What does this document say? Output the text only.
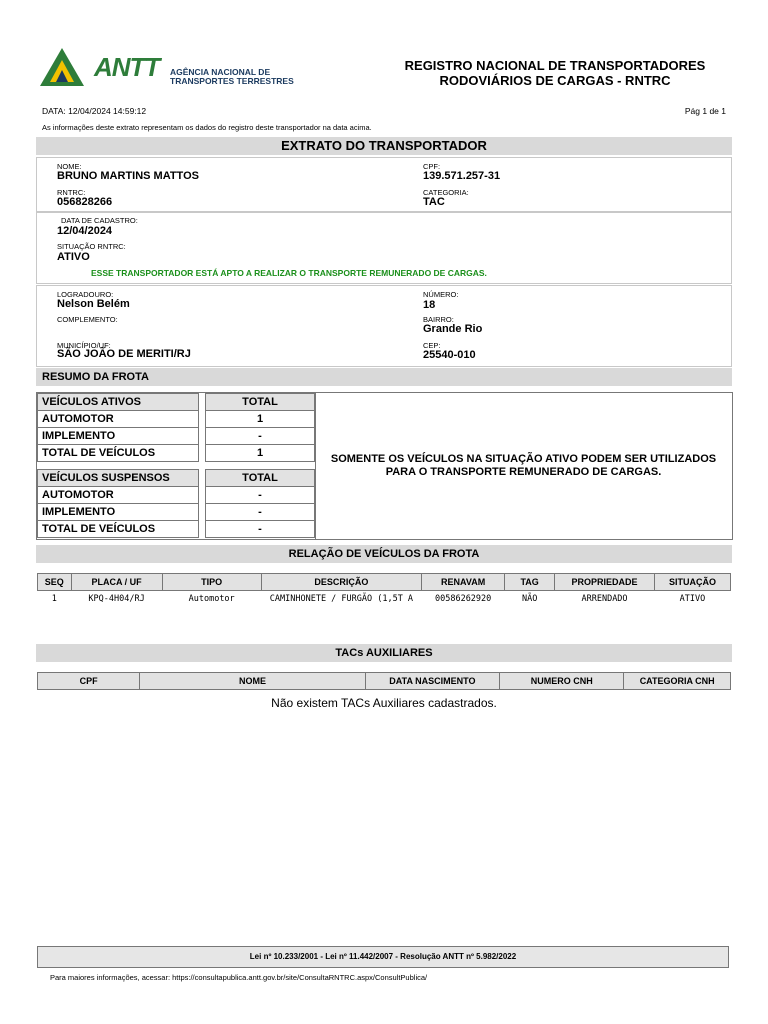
ANTT AGÊNCIA NACIONAL DE
TRANSPORTES TERRESTRES
REGISTRO NACIONAL DE TRANSPORTADORES
RODOVIÁRIOS DE CARGAS - RNTRC
DATA: 12/04/2024 14:59:12	Pág 1 de 1
As informações deste extrato representam os dados do registro deste transportador na data acima.
EXTRATO DO TRANSPORTADOR
NOME:
BRUNO MARTINS MATTOS
CPF:
139.571.257-31
RNTRC:
056828266
CATEGORIA:
TAC
DATA DE CADASTRO:
12/04/2024
SITUAÇÃO RNTRC:
ATIVO
ESSE TRANSPORTADOR ESTÁ APTO A REALIZAR O TRANSPORTE REMUNERADO DE CARGAS.
LOGRADOURO:
Nelson Belém
NÚMERO:
18
COMPLEMENTO:	BAIRRO:
Grande Rio
MUNICÍPIO/UF:
SÃO JOÃO DE MERITI/RJ
CEP:
25540-010
RESUMO DA FROTA
VEÍCULOS ATIVOS		TOTAL
AUTOMOTOR		1
IMPLEMENTO		-
TOTAL DE VEÍCULOS		1
VEÍCULOS SUSPENSOS		TOTAL
AUTOMOTOR		-
IMPLEMENTO		-
TOTAL DE VEÍCULOS		-
SOMENTE OS VEÍCULOS NA SITUAÇÃO ATIVO PODEM SER UTILIZADOS PARA O TRANSPORTE REMUNERADO DE CARGAS.
RELAÇÃO DE VEÍCULOS DA FROTA
SEQ	PLACA / UF	TIPO	DESCRIÇÃO	RENAVAM	TAG	PROPRIEDADE	SITUAÇÃO
1	KPQ-4H04/RJ	Automotor	CAMINHONETE / FURGÃO (1,5T A	00586262920	NÃO	ARRENDADO	ATIVO
TACs AUXILIARES
CPF	NOME	DATA NASCIMENTO	NUMERO CNH	CATEGORIA CNH
Não existem TACs Auxiliares cadastrados.
Lei nº 10.233/2001 - Lei nº 11.442/2007 - Resolução ANTT nº 5.982/2022
Para maiores informações, acessar: https://consultapublica.antt.gov.br/site/ConsultaRNTRC.aspx/ConsultPublica/
